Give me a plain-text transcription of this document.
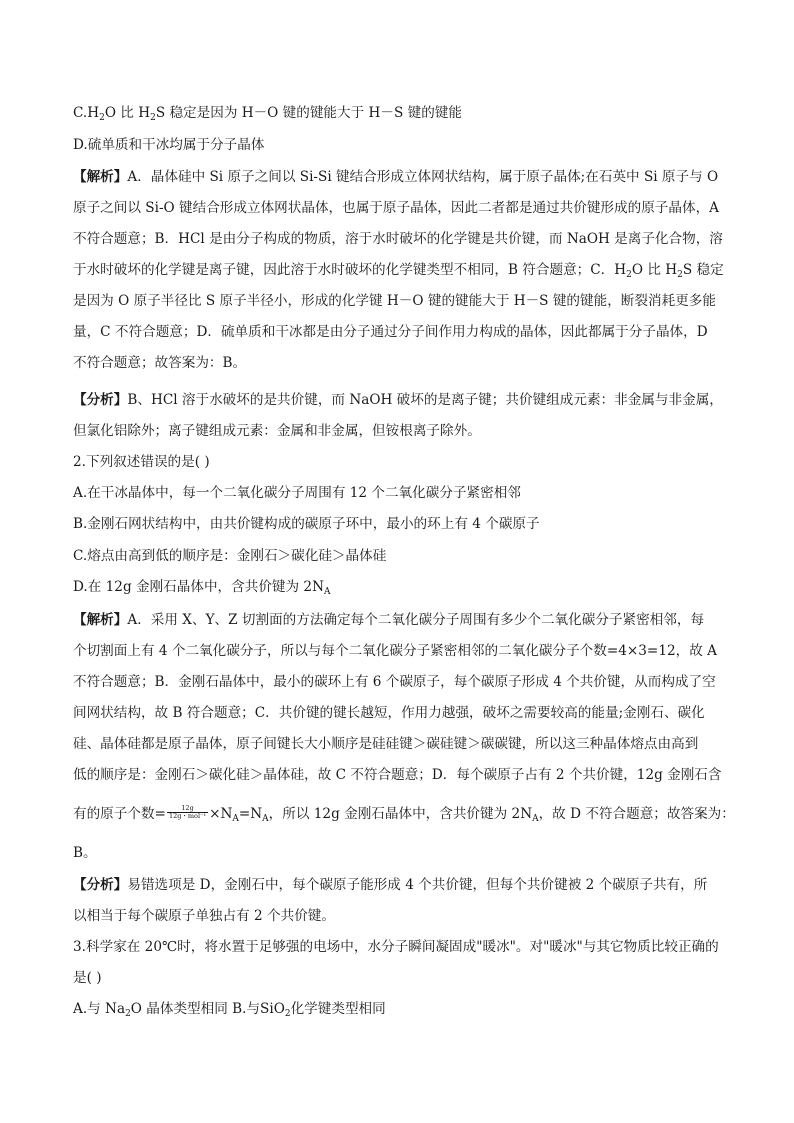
$C.H_2O$ 比 $H_2S$ 稳定是因为 H－O 键的键能大于 H－S 键的键能
D.硫单质和干冰均属于分子晶体
【解析】A．晶体硅中 Si 原子之间以 Si-Si 键结合形成立体网状结构，属于原子晶体;在石英中 Si 原子与 O
原子之间以 Si-O 键结合形成立体网状晶体，也属于原子晶体，因此二者都是通过共价键形成的原子晶体，A
不符合题意；B．HCl 是由分子构成的物质，溶于水时破坏的化学键是共价键，而 NaOH 是离子化合物，溶
于水时破坏的化学键是离子键，因此溶于水时破坏的化学键类型不相同，B 符合题意；C．$H_2O$ 比 $H_2S$ 稳定
是因为 O 原子半径比 S 原子半径小，形成的化学键 H－O 键的键能大于 H－S 键的键能，断裂消耗更多能
量，C 不符合题意；D．硫单质和干冰都是由分子通过分子间作用力构成的晶体，因此都属于分子晶体，D
不符合题意；故答案为：B。
【分析】B、HCl 溶于水破坏的是共价键，而 NaOH 破坏的是离子键；共价键组成元素：非金属与非金属，
但氯化铝除外；离子键组成元素：金属和非金属，但铵根离子除外。
2.下列叙述错误的是( )
A.在干冰晶体中，每一个二氧化碳分子周围有 12 个二氧化碳分子紧密相邻
B.金刚石网状结构中，由共价键构成的碳原子环中，最小的环上有 4 个碳原子
C.熔点由高到低的顺序是：金刚石＞碳化硅＞晶体硅
D.在 12g 金刚石晶体中，含共价键为 $2N_A$
【解析】A．采用 X、Y、Z 切割面的方法确定每个二氧化碳分子周围有多少个二氧化碳分子紧密相邻，每
个切割面上有 4 个二氧化碳分子，所以与每个二氧化碳分子紧密相邻的二氧化碳分子个数=4×3=12，故 A
不符合题意；B．金刚石晶体中，最小的碳环上有 6 个碳原子，每个碳原子形成 4 个共价键，从而构成了空
间网状结构，故 B 符合题意；C．共价键的键长越短，作用力越强，破坏之需要较高的能量;金刚石、碳化
硅、晶体硅都是原子晶体，原子间键长大小顺序是硅硅键＞碳硅键＞碳碳键，所以这三种晶体熔点由高到
低的顺序是：金刚石＞碳化硅＞晶体硅，故 C 不符合题意；D．每个碳原子占有 2 个共价键，12g 金刚石含
有的原子个数= $\frac{12g}{\text{12g・mol⁻¹}} \times N_A=N_A$，所以 12g 金刚石晶体中，含共价键为 $2N_A$，故 D 不符合题意；故答案为：
B。
【分析】易错选项是 D，金刚石中，每个碳原子能形成 4 个共价键，但每个共价键被 2 个碳原子共有，所
以相当于每个碳原子单独占有 2 个共价键。
3.科学家在 20℃时，将水置于足够强的电场中，水分子瞬间凝固成"暖冰"。对"暖冰"与其它物质比较正确的
是( )
A.与 $Na_2O$ 晶体类型相同 B.与SiO$_2$化学键类型相同
